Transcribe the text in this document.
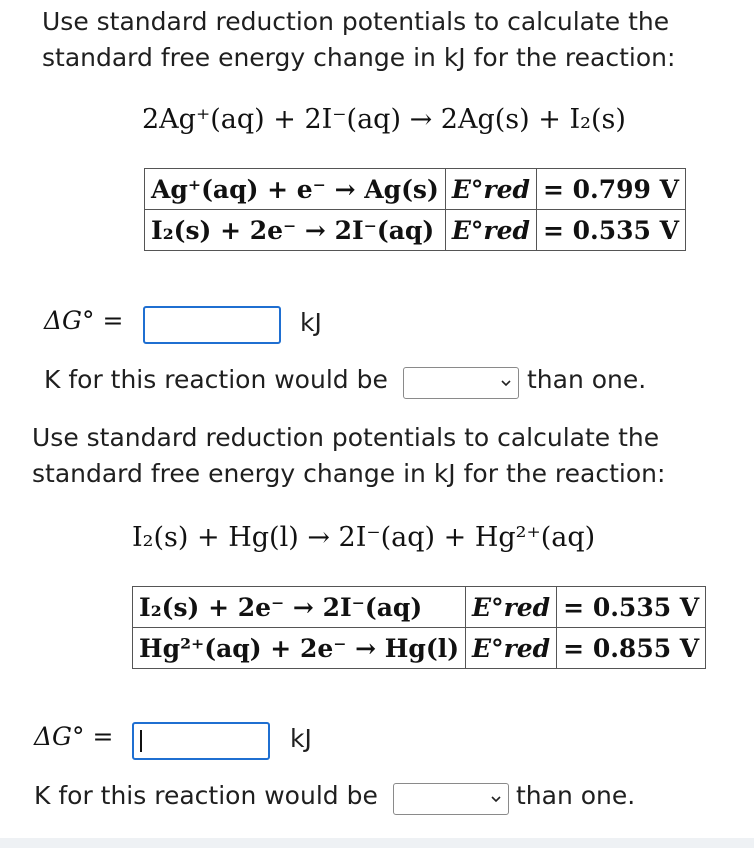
Use standard reduction potentials to calculate the standard free energy change in kJ for the reaction:
2Ag⁺(aq) + 2I⁻(aq) → 2Ag(s) + I₂(s)
Ag⁺(aq) + e⁻ → Ag(s)	E°red	= 0.799 V
I₂(s) + 2e⁻ → 2I⁻(aq)	E°red	= 0.535 V
ΔG° =	kJ
K for this reaction would be	than one.
Use standard reduction potentials to calculate the standard free energy change in kJ for the reaction:
I₂(s) + Hg(l) → 2I⁻(aq) + Hg²⁺(aq)
I₂(s) + 2e⁻ → 2I⁻(aq)	E°red	= 0.535 V
Hg²⁺(aq) + 2e⁻ → Hg(l)	E°red	= 0.855 V
ΔG° =	kJ
K for this reaction would be	than one.
